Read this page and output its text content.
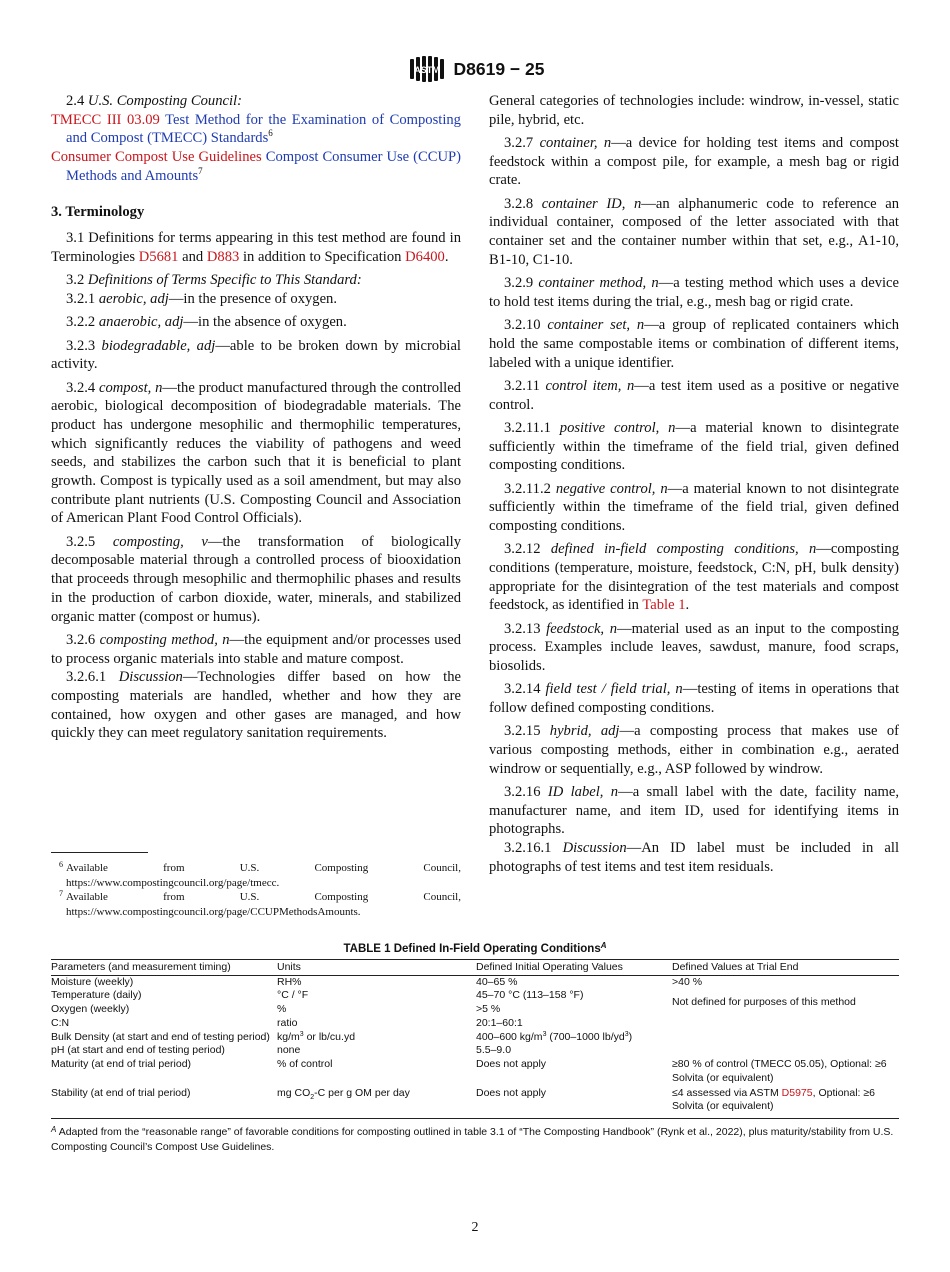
ASTM D8619 − 25
2.4 U.S. Composting Council:
TMECC III 03.09 Test Method for the Examination of Composting and Compost (TMECC) Standards$^6$
Consumer Compost Use Guidelines Compost Consumer Use (CCUP) Methods and Amounts$^7$
3. Terminology
3.1 Definitions for terms appearing in this test method are found in Terminologies D5681 and D883 in addition to Specification D6400.
3.2 Definitions of Terms Specific to This Standard:
3.2.1 aerobic, adj—in the presence of oxygen.
3.2.2 anaerobic, adj—in the absence of oxygen.
3.2.3 biodegradable, adj—able to be broken down by microbial activity.
3.2.4 compost, n—the product manufactured through the controlled aerobic, biological decomposition of biodegradable materials. The product has undergone mesophilic and thermophilic temperatures, which significantly reduces the viability of pathogens and weed seeds, and stabilizes the carbon such that it is beneficial to plant growth. Compost is typically used as a soil amendment, but may also contribute plant nutrients (U.S. Composting Council and Association of American Plant Food Control Officials).
3.2.5 composting, v—the transformation of biologically decomposable material through a controlled process of biooxidation that proceeds through mesophilic and thermophilic phases and results in the production of carbon dioxide, water, minerals, and stabilized organic matter (compost or humus).
3.2.6 composting method, n—the equipment and/or processes used to process organic materials into stable and mature compost.
3.2.6.1 Discussion—Technologies differ based on how the composting materials are handled, whether and how they are contained, how oxygen and other gases are managed, and how quickly they can meet regulatory sanitation requirements.
General categories of technologies include: windrow, in-vessel, static pile, hybrid, etc.
3.2.7 container, n—a device for holding test items and compost feedstock within a compost pile, for example, a mesh bag or rigid crate.
3.2.8 container ID, n—an alphanumeric code to reference an individual container, composed of the letter associated with that container set and the container number within that set, e.g., A1-10, B1-10, C1-10.
3.2.9 container method, n—a testing method which uses a device to hold test items during the trial, e.g., mesh bag or rigid crate.
3.2.10 container set, n—a group of replicated containers which hold the same compostable items or combination of different items, labeled with a unique identifier.
3.2.11 control item, n—a test item used as a positive or negative control.
3.2.11.1 positive control, n—a material known to disintegrate sufficiently within the timeframe of the field trial, given defined composting conditions.
3.2.11.2 negative control, n—a material known to not disintegrate sufficiently within the timeframe of the field trial, given defined composting conditions.
3.2.12 defined in-field composting conditions, n—composting conditions (temperature, moisture, feedstock, C:N, pH, bulk density) appropriate for the disintegration of the test materials and compost feedstock, as identified in Table 1.
3.2.13 feedstock, n—material used as an input to the composting process. Examples include leaves, sawdust, manure, food scraps, biosolids.
3.2.14 field test / field trial, n—testing of items in operations that follow defined composting conditions.
3.2.15 hybrid, adj—a composting process that makes use of various composting methods, either in combination e.g., aerated windrow or sequentially, e.g., ASP followed by windrow.
3.2.16 ID label, n—a small label with the date, facility name, manufacturer name, and item ID, used for identifying items in photographs.
3.2.16.1 Discussion—An ID label must be included in all photographs of test items and test item residuals.
6 Available from U.S. Composting Council, https://www.compostingcouncil.org/page/tmecc.
7 Available from U.S. Composting Council, https://www.compostingcouncil.org/page/CCUPMethodsAmounts.
TABLE 1 Defined In-Field Operating Conditions$^A$
Parameters (and measurement timing)	Units	Defined Initial Operating Values	Defined Values at Trial End
Moisture (weekly)	RH%	40–65 %	>40 %
Temperature (daily)	°C / °F	45–70 °C (113–158 °F)	Not defined for purposes of this method
Oxygen (weekly)	%	>5 %	
C:N	ratio	20:1–60:1	
Bulk Density (at start and end of testing period)	$kg/m^3$ or lb/cu.yd	400–600 $kg/m^3$ (700–1000 $lb/yd^3$)	
pH (at start and end of testing period)	none	5.5–9.0	
Maturity (at end of trial period)	% of control	Does not apply	≥80 % of control (TMECC 05.05), Optional: ≥6 Solvita (or equivalent)
Stability (at end of trial period)	mg $CO_2-C$ per g OM per day	Does not apply	≤4 assessed via ASTM D5975, Optional: ≥6 Solvita (or equivalent)
$^A$ Adapted from the “reasonable range” of favorable conditions for composting outlined in table 3.1 of “The Composting Handbook” (Rynk et al., 2022), plus maturity/stability from U.S. Composting Council’s Compost Use Guidelines.
2
